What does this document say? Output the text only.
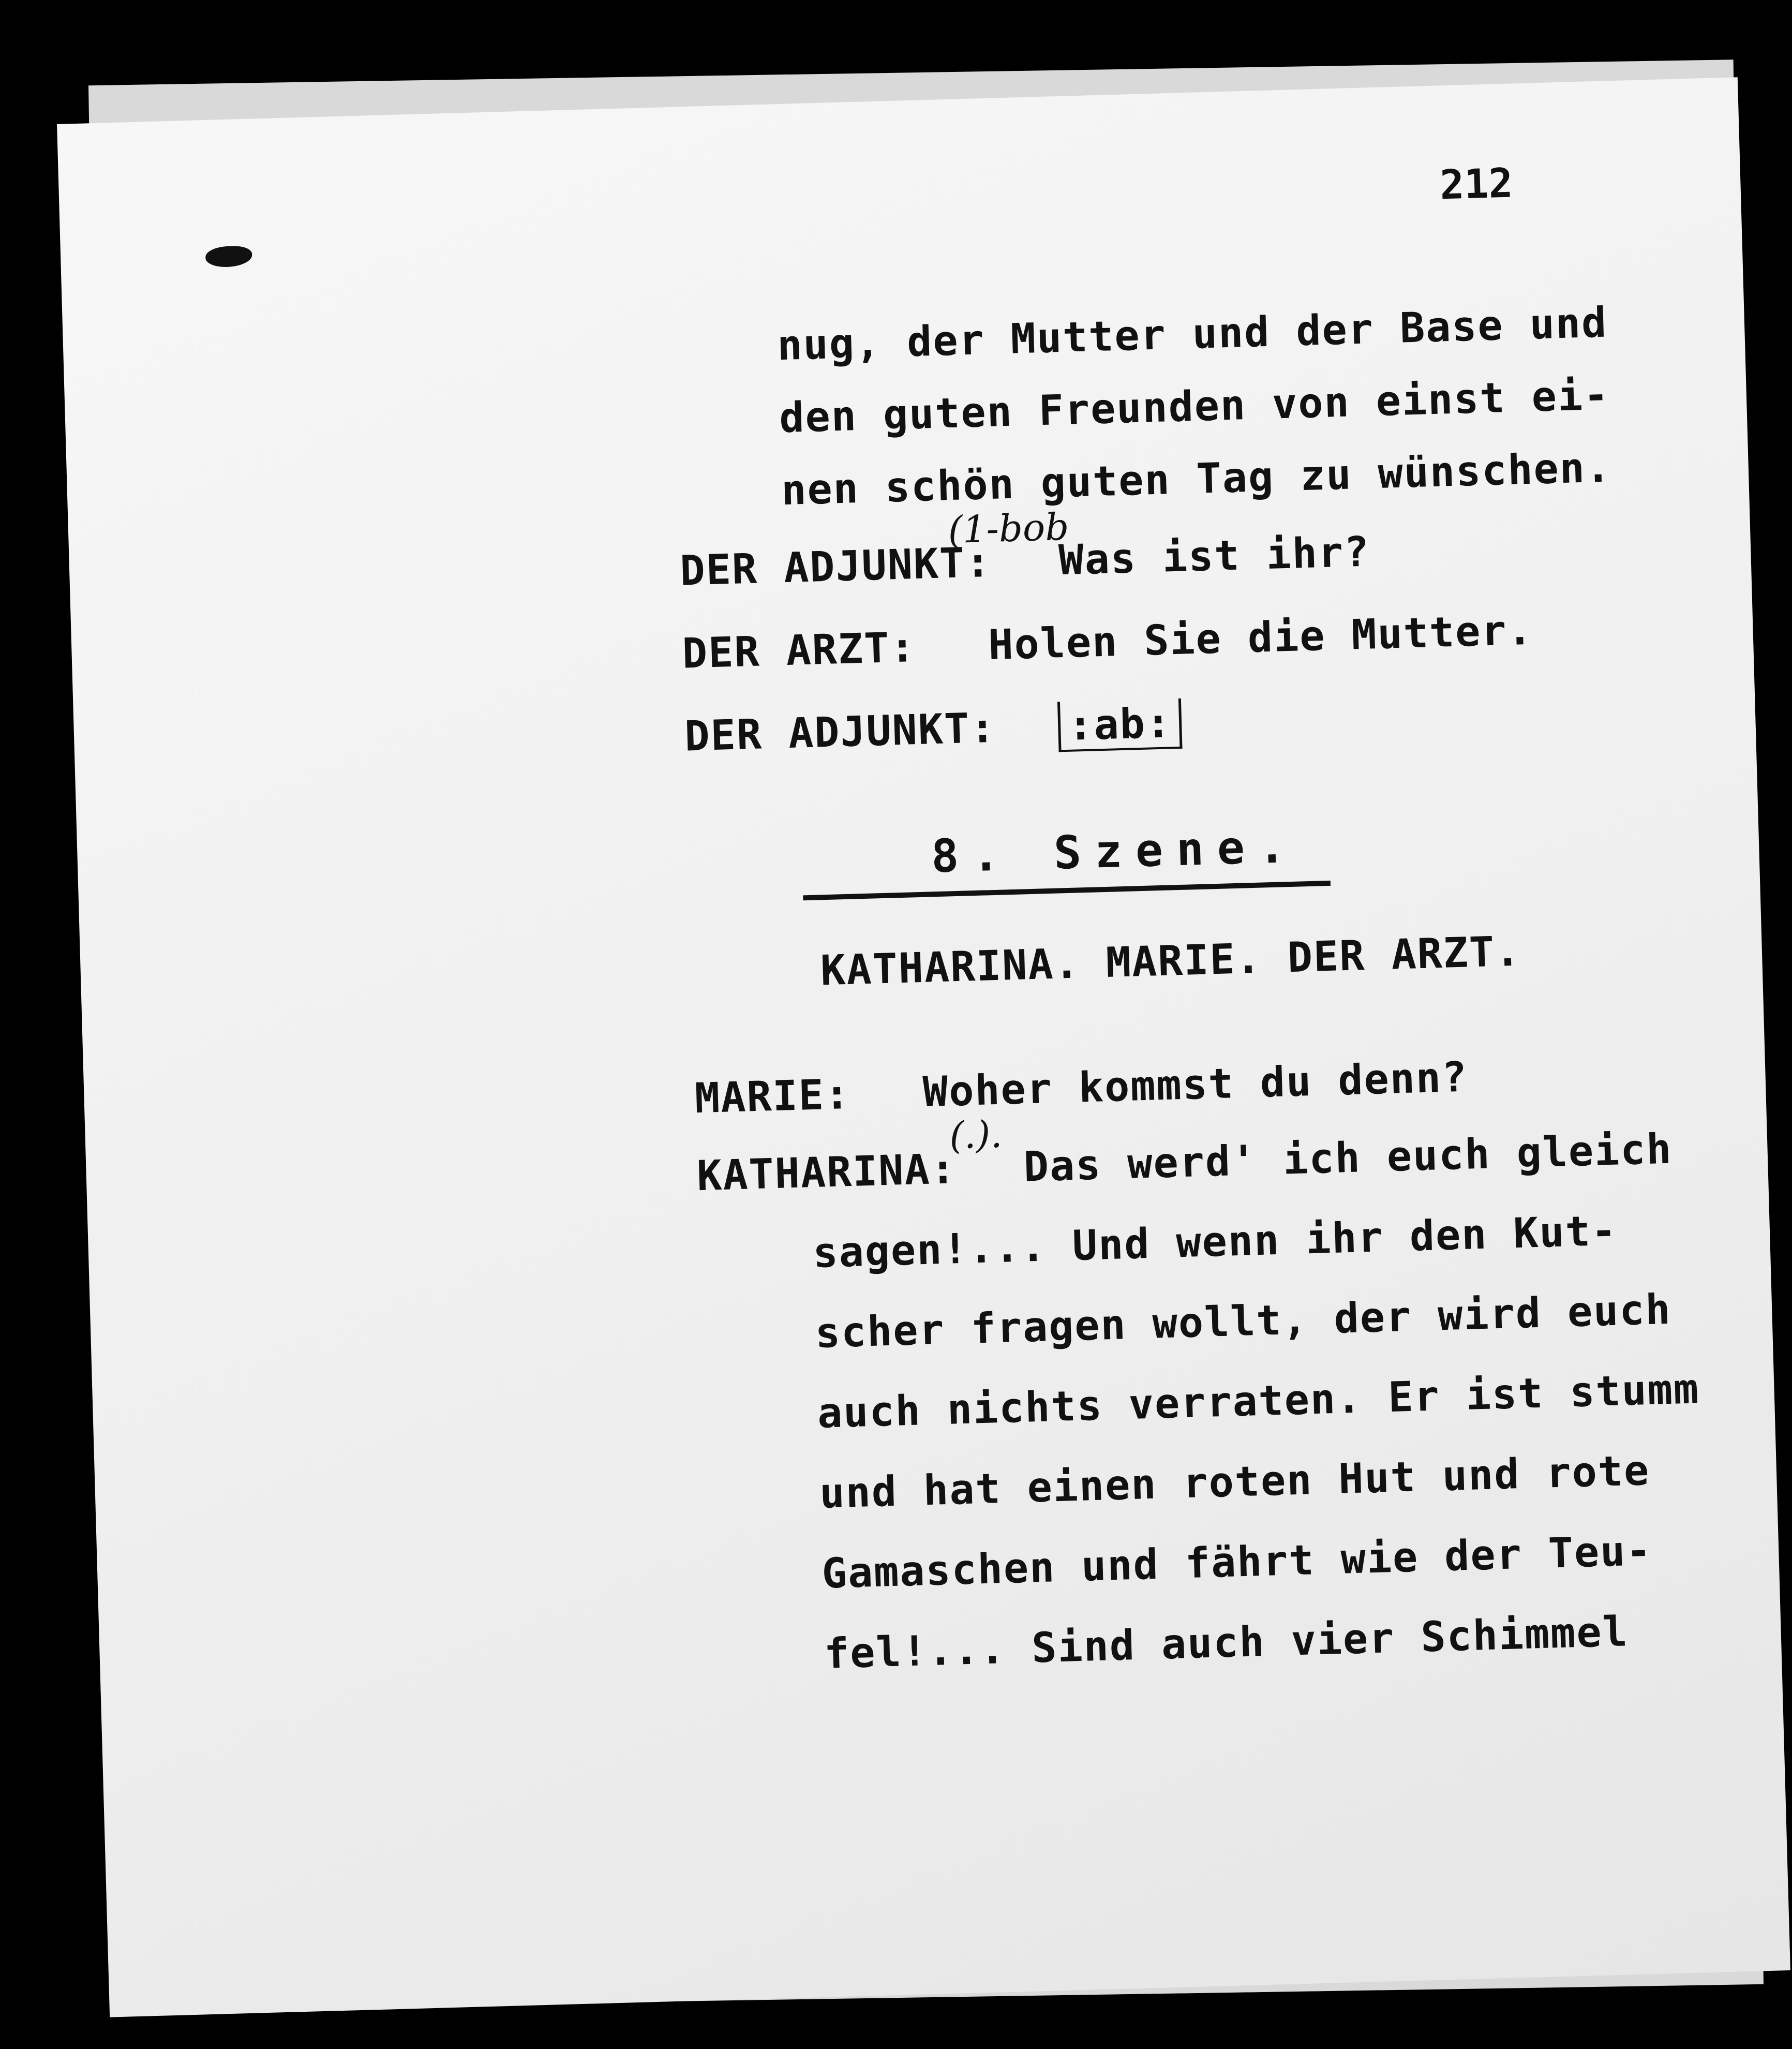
212
nug, der Mutter und der Base und
den guten Freunden von einst ei-
nen schön guten Tag zu wünschen.
(1-bob
DER ADJUNKT: Was ist ihr?
DER ARZT: Holen Sie die Mutter.
DER ADJUNKT: :ab:
8. Szene.
KATHARINA. MARIE. DER ARZT.
MARIE: Woher kommst du denn?
(.).
KATHARINA: Das werd' ich euch gleich
sagen!... Und wenn ihr den Kut-
scher fragen wollt, der wird euch
auch nichts verraten. Er ist stumm
und hat einen roten Hut und rote
Gamaschen und fährt wie der Teu-
fel!... Sind auch vier Schimmel
